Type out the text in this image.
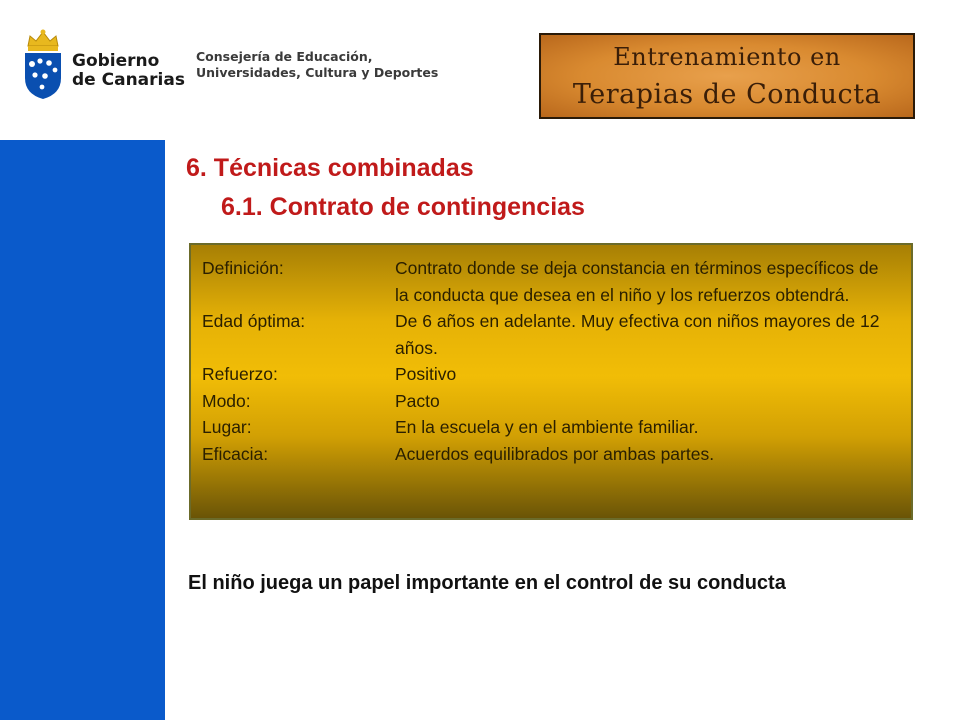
Gobierno
de Canarias
Consejería de Educación,
Universidades, Cultura y Deportes
Entrenamiento en
Terapias de Conducta
6. Técnicas combinadas
6.1. Contrato de contingencias
Definición:	Contrato donde se deja constancia en términos específicos de la conducta que desea en el niño y los refuerzos obtendrá.
Edad óptima:	De 6 años en adelante. Muy efectiva con niños mayores de 12 años.
Refuerzo:	Positivo
Modo:	Pacto
Lugar:	En la escuela y en el ambiente familiar.
Eficacia:	Acuerdos equilibrados por ambas partes.
El niño juega un papel importante en el control de su conducta
